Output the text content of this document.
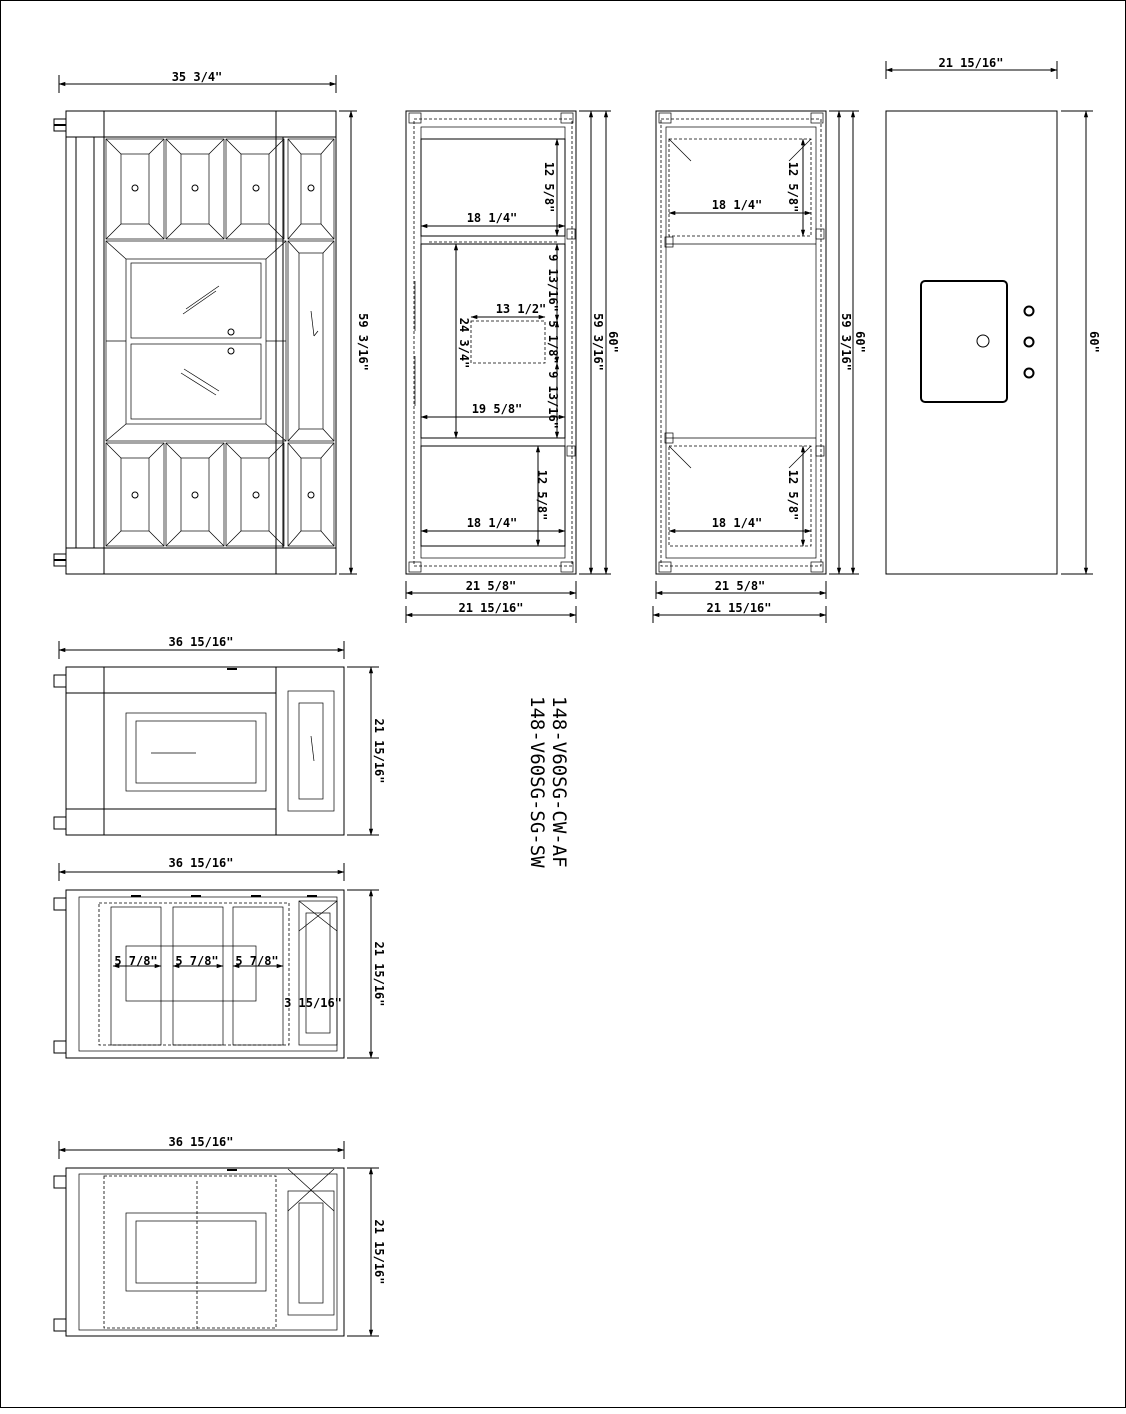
35 3/4"
59 3/16"
18 1/4"
12 5/8"
9 13/16"
13 1/2"
5 1/8"
9 13/16"
24 3/4"
19 5/8"
18 1/4"
12 5/8"
21 5/8"
21 15/16"
59 3/16" 60"
18 1/4" 12 5/8"
18 1/4"
12 5/8"
21 5/8"
21 15/16"
59 3/16" 60"
21 15/16"
60"
148-V60SG-CW-AF
148-V60SG-SG-SW
36 15/16"
21 15/16"
36 15/16"
5 7/8" 5 7/8" 5 7/8"
3 15/16"	21 15/16"
36 15/16"
21 15/16"
